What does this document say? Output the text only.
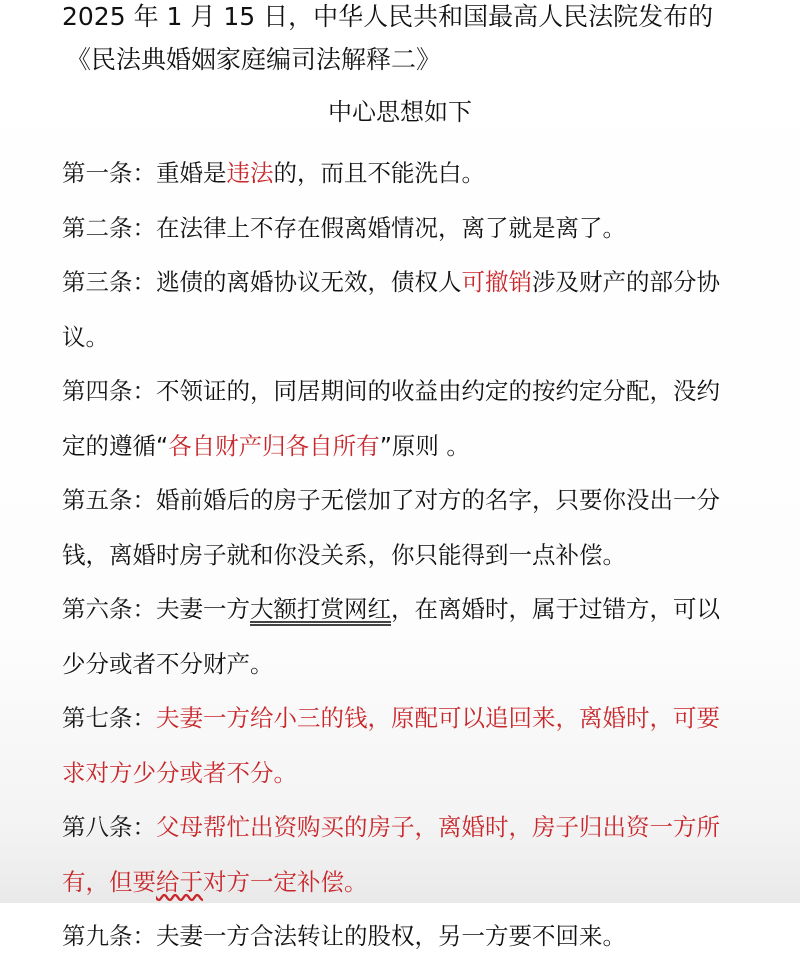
2025 年 1 月 15 日，中华人民共和国最高人民法院发布的
《民法典婚姻家庭编司法解释二》
中心思想如下

第一条：重婚是违法的，而且不能洗白。

第二条：在法律上不存在假离婚情况，离了就是离了。

第三条：逃债的离婚协议无效，债权人可撤销涉及财产的部分协议。

第四条：不领证的，同居期间的收益由约定的按约定分配，没约定的遵循“各自财产归各自所有”原则 。

第五条：婚前婚后的房子无偿加了对方的名字，只要你没出一分钱，离婚时房子就和你没关系，你只能得到一点补偿。

第六条：夫妻一方大额打赏网红，在离婚时，属于过错方，可以少分或者不分财产。

第七条：夫妻一方给小三的钱，原配可以追回来，离婚时，可要求对方少分或者不分。

第八条：父母帮忙出资购买的房子，离婚时，房子归出资一方所有，但要给于对方一定补偿。

第九条：夫妻一方合法转让的股权，另一方要不回来。
